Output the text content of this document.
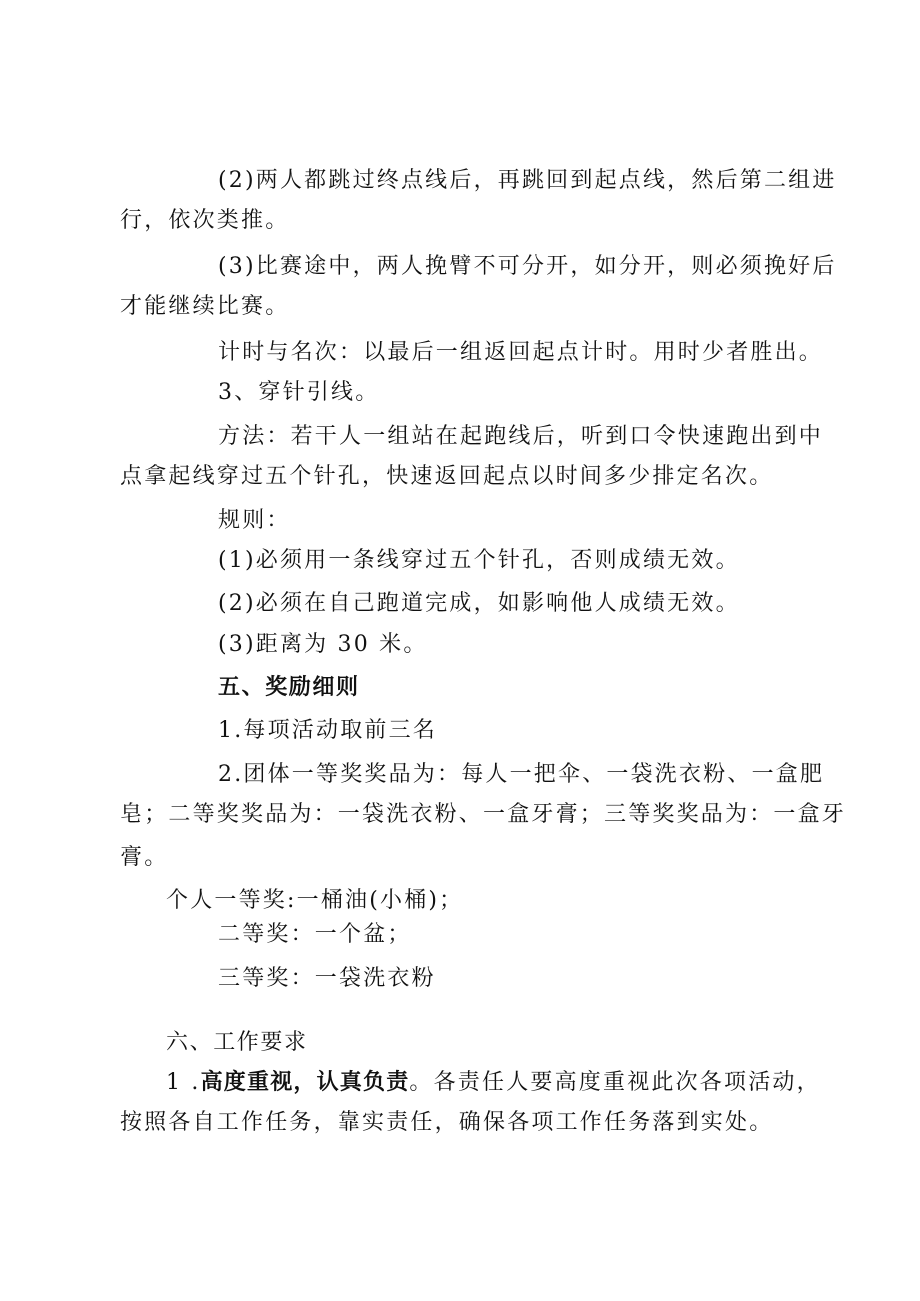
(2)两人都跳过终点线后，再跳回到起点线，然后第二组进
行，依次类推。
(3)比赛途中，两人挽臂不可分开，如分开，则必须挽好后
才能继续比赛。
计时与名次：以最后一组返回起点计时。用时少者胜出。
3、穿针引线。
方法：若干人一组站在起跑线后，听到口令快速跑出到中
点拿起线穿过五个针孔，快速返回起点以时间多少排定名次。
规则：
(1)必须用一条线穿过五个针孔，否则成绩无效。
(2)必须在自己跑道完成，如影响他人成绩无效。
(3)距离为 30 米。
五、奖励细则
1.每项活动取前三名
2.团体一等奖奖品为：每人一把伞、一袋洗衣粉、一盒肥
皂；二等奖奖品为：一袋洗衣粉、一盒牙膏；三等奖奖品为：一盒牙
膏。
个人一等奖:一桶油(小桶)；
二等奖：一个盆；
三等奖：一袋洗衣粉
六、工作要求
1 .高度重视，认真负责。各责任人要高度重视此次各项活动，
按照各自工作任务，靠实责任，确保各项工作任务落到实处。
